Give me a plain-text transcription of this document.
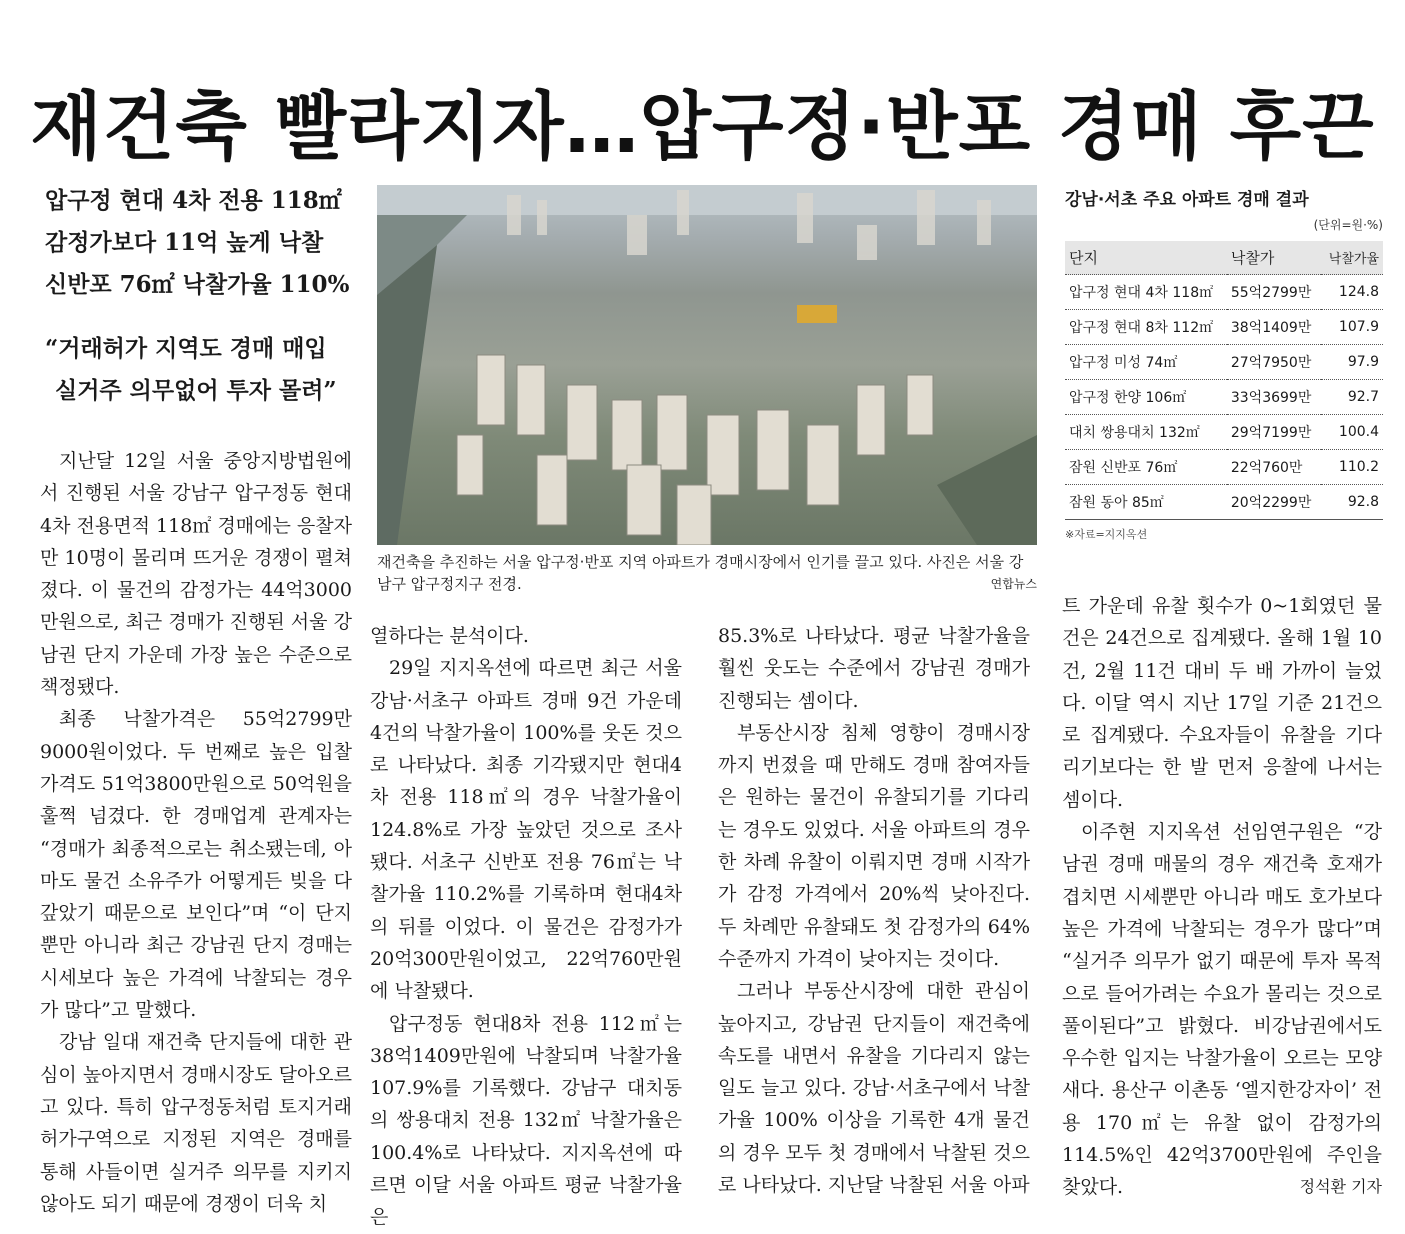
재건축 빨라지자…압구정·반포 경매 후끈

압구정 현대 4차 전용 118㎡

감정가보다 11억 높게 낙찰

신반포 76㎡ 낙찰가율 110%

“거래허가 지역도 경매 매입

실거주 의무없어 투자 몰려”

재건축을 추진하는 서울 압구정·반포 지역 아파트가 경매시장에서 인기를 끌고 있다. 사진은 서울 강남구 압구정지구 전경.	연합뉴스
강남·서초 주요 아파트 경매 결과
(단위=원·%)
단지	낙찰가	낙찰가율
압구정 현대 4차 118㎡	55억2799만	124.8
압구정 현대 8차 112㎡	38억1409만	107.9
압구정 미성 74㎡	27억7950만	97.9
압구정 한양 106㎡	33억3699만	92.7
대치 쌍용대치 132㎡	29억7199만	100.4
잠원 신반포 76㎡	22억760만	110.2
잠원 동아 85㎡	20억2299만	92.8
※자료=지지옥션

지난달 12일 서울 중앙지방법원에서 진행된 서울 강남구 압구정동 현대4차 전용면적 118㎡ 경매에는 응찰자만 10명이 몰리며 뜨거운 경쟁이 펼쳐졌다. 이 물건의 감정가는 44억3000만원으로, 최근 경매가 진행된 서울 강남권 단지 가운데 가장 높은 수준으로 책정됐다.

최종 낙찰가격은 55억2799만9000원이었다. 두 번째로 높은 입찰가격도 51억3800만원으로 50억원을 훌쩍 넘겼다. 한 경매업계 관계자는 “경매가 최종적으로는 취소됐는데, 아마도 물건 소유주가 어떻게든 빚을 다 갚았기 때문으로 보인다”며 “이 단지뿐만 아니라 최근 강남권 단지 경매는 시세보다 높은 가격에 낙찰되는 경우가 많다”고 말했다.

강남 일대 재건축 단지들에 대한 관심이 높아지면서 경매시장도 달아오르고 있다. 특히 압구정동처럼 토지거래허가구역으로 지정된 지역은 경매를 통해 사들이면 실거주 의무를 지키지 않아도 되기 때문에 경쟁이 더욱 치

열하다는 분석이다.

29일 지지옥션에 따르면 최근 서울 강남·서초구 아파트 경매 9건 가운데 4건의 낙찰가율이 100%를 웃돈 것으로 나타났다. 최종 기각됐지만 현대4차 전용 118㎡의 경우 낙찰가율이 124.8%로 가장 높았던 것으로 조사됐다. 서초구 신반포 전용 76㎡는 낙찰가율 110.2%를 기록하며 현대4차의 뒤를 이었다. 이 물건은 감정가가 20억300만원이었고, 22억760만원에 낙찰됐다.

압구정동 현대8차 전용 112㎡는 38억1409만원에 낙찰되며 낙찰가율 107.9%를 기록했다. 강남구 대치동의 쌍용대치 전용 132㎡ 낙찰가율은 100.4%로 나타났다. 지지옥션에 따르면 이달 서울 아파트 평균 낙찰가율은

85.3%로 나타났다. 평균 낙찰가율을 훨씬 웃도는 수준에서 강남권 경매가 진행되는 셈이다.

부동산시장 침체 영향이 경매시장까지 번졌을 때 만해도 경매 참여자들은 원하는 물건이 유찰되기를 기다리는 경우도 있었다. 서울 아파트의 경우 한 차례 유찰이 이뤄지면 경매 시작가가 감정 가격에서 20%씩 낮아진다. 두 차례만 유찰돼도 첫 감정가의 64% 수준까지 가격이 낮아지는 것이다.

그러나 부동산시장에 대한 관심이 높아지고, 강남권 단지들이 재건축에 속도를 내면서 유찰을 기다리지 않는 일도 늘고 있다. 강남·서초구에서 낙찰가율 100% 이상을 기록한 4개 물건의 경우 모두 첫 경매에서 낙찰된 것으로 나타났다. 지난달 낙찰된 서울 아파

트 가운데 유찰 횟수가 0~1회였던 물건은 24건으로 집계됐다. 올해 1월 10건, 2월 11건 대비 두 배 가까이 늘었다. 이달 역시 지난 17일 기준 21건으로 집계됐다. 수요자들이 유찰을 기다리기보다는 한 발 먼저 응찰에 나서는 셈이다.

이주현 지지옥션 선임연구원은 “강남권 경매 매물의 경우 재건축 호재가 겹치면 시세뿐만 아니라 매도 호가보다 높은 가격에 낙찰되는 경우가 많다”며 “실거주 의무가 없기 때문에 투자 목적으로 들어가려는 수요가 몰리는 것으로 풀이된다”고 밝혔다. 비강남권에서도 우수한 입지는 낙찰가율이 오르는 모양새다. 용산구 이촌동 ‘엘지한강자이’ 전용 170㎡는 유찰 없이 감정가의 114.5%인 42억3700만원에 주인을 찾았다.	정석환 기자
